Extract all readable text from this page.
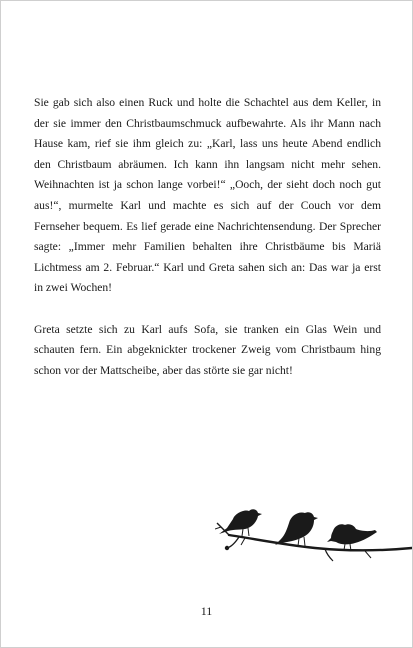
Sie gab sich also einen Ruck und holte die Schachtel aus dem Keller, in der sie immer den Christbaumschmuck aufbewahrte. Als ihr Mann nach Hause kam, rief sie ihm gleich zu: „Karl, lass uns heute Abend endlich den Christbaum abräumen. Ich kann ihn langsam nicht mehr sehen. Weihnachten ist ja schon lange vorbei!“ „Ooch, der sieht doch noch gut aus!“, murmelte Karl und machte es sich auf der Couch vor dem Fernseher bequem. Es lief gerade eine Nachrichtensendung. Der Sprecher sagte: „Immer mehr Familien behalten ihre Christbäume bis Mariä Lichtmess am 2. Februar.“ Karl und Greta sahen sich an: Das war ja erst in zwei Wochen!

Greta setzte sich zu Karl aufs Sofa, sie tranken ein Glas Wein und schauten fern. Ein abgeknickter trockener Zweig vom Christbaum hing schon vor der Mattscheibe, aber das störte sie gar nicht!

11
